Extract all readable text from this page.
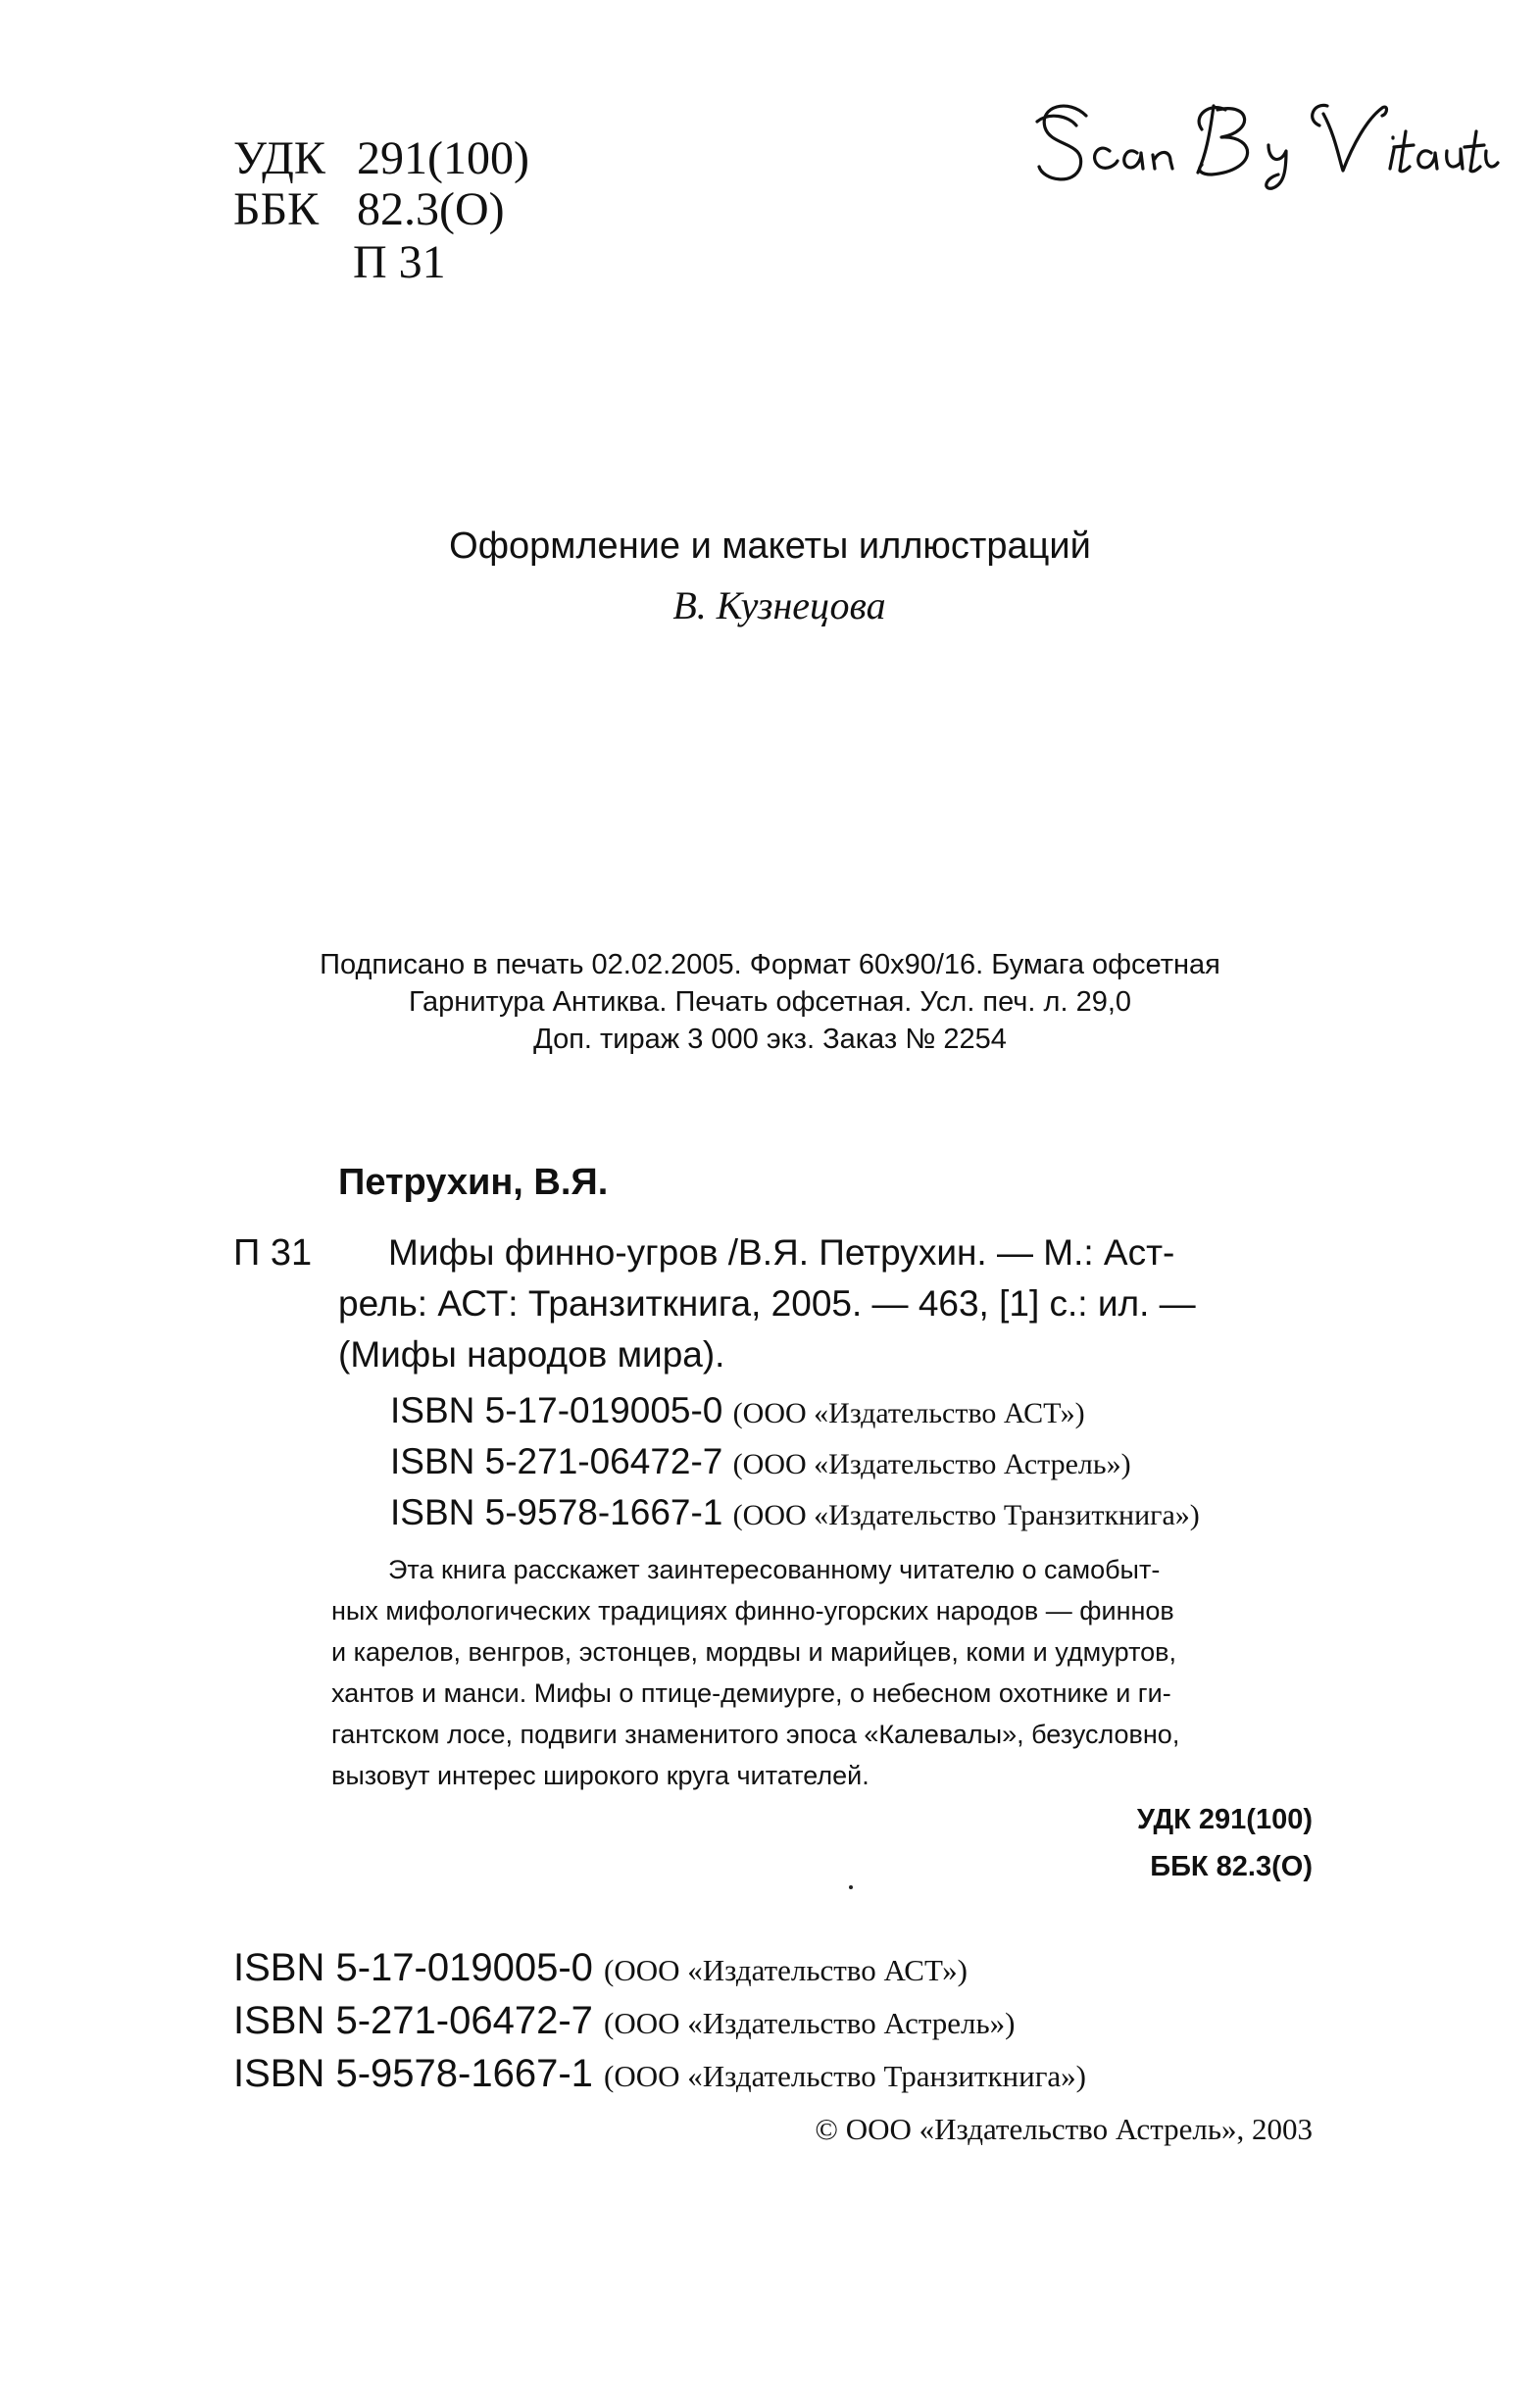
УДК 291(100)
ББК 82.3(О)
П 31
Оформление и макеты иллюстраций
В. Кузнецова
Подписано в печать 02.02.2005. Формат 60x90/16. Бумага офсетная
Гарнитура Антиква. Печать офсетная. Усл. печ. л. 29,0
Доп. тираж 3 000 экз. Заказ № 2254
Петрухин, В.Я.
П 31 Мифы финно-угров /В.Я. Петрухин. — М.: Аст-
рель: АСТ: Транзиткнига, 2005. — 463, [1] с.: ил. —
(Мифы народов мира).
ISBN 5-17-019005-0 (ООО «Издательство АСТ»)
ISBN 5-271-06472-7 (ООО «Издательство Астрель»)
ISBN 5-9578-1667-1 (ООО «Издательство Транзиткнига»)
Эта книга расскажет заинтересованному читателю о самобыт-
ных мифологических традициях финно-угорских народов — финнов
и карелов, венгров, эстонцев, мордвы и марийцев, коми и удмуртов,
хантов и манси. Мифы о птице-демиурге, о небесном охотнике и ги-
гантском лосе, подвиги знаменитого эпоса «Калевалы», безусловно,
вызовут интерес широкого круга читателей.
УДК 291(100)
ББК 82.3(О)
ISBN 5-17-019005-0 (ООО «Издательство АСТ»)
ISBN 5-271-06472-7 (ООО «Издательство Астрель»)
ISBN 5-9578-1667-1 (ООО «Издательство Транзиткнига»)
© ООО «Издательство Астрель», 2003
